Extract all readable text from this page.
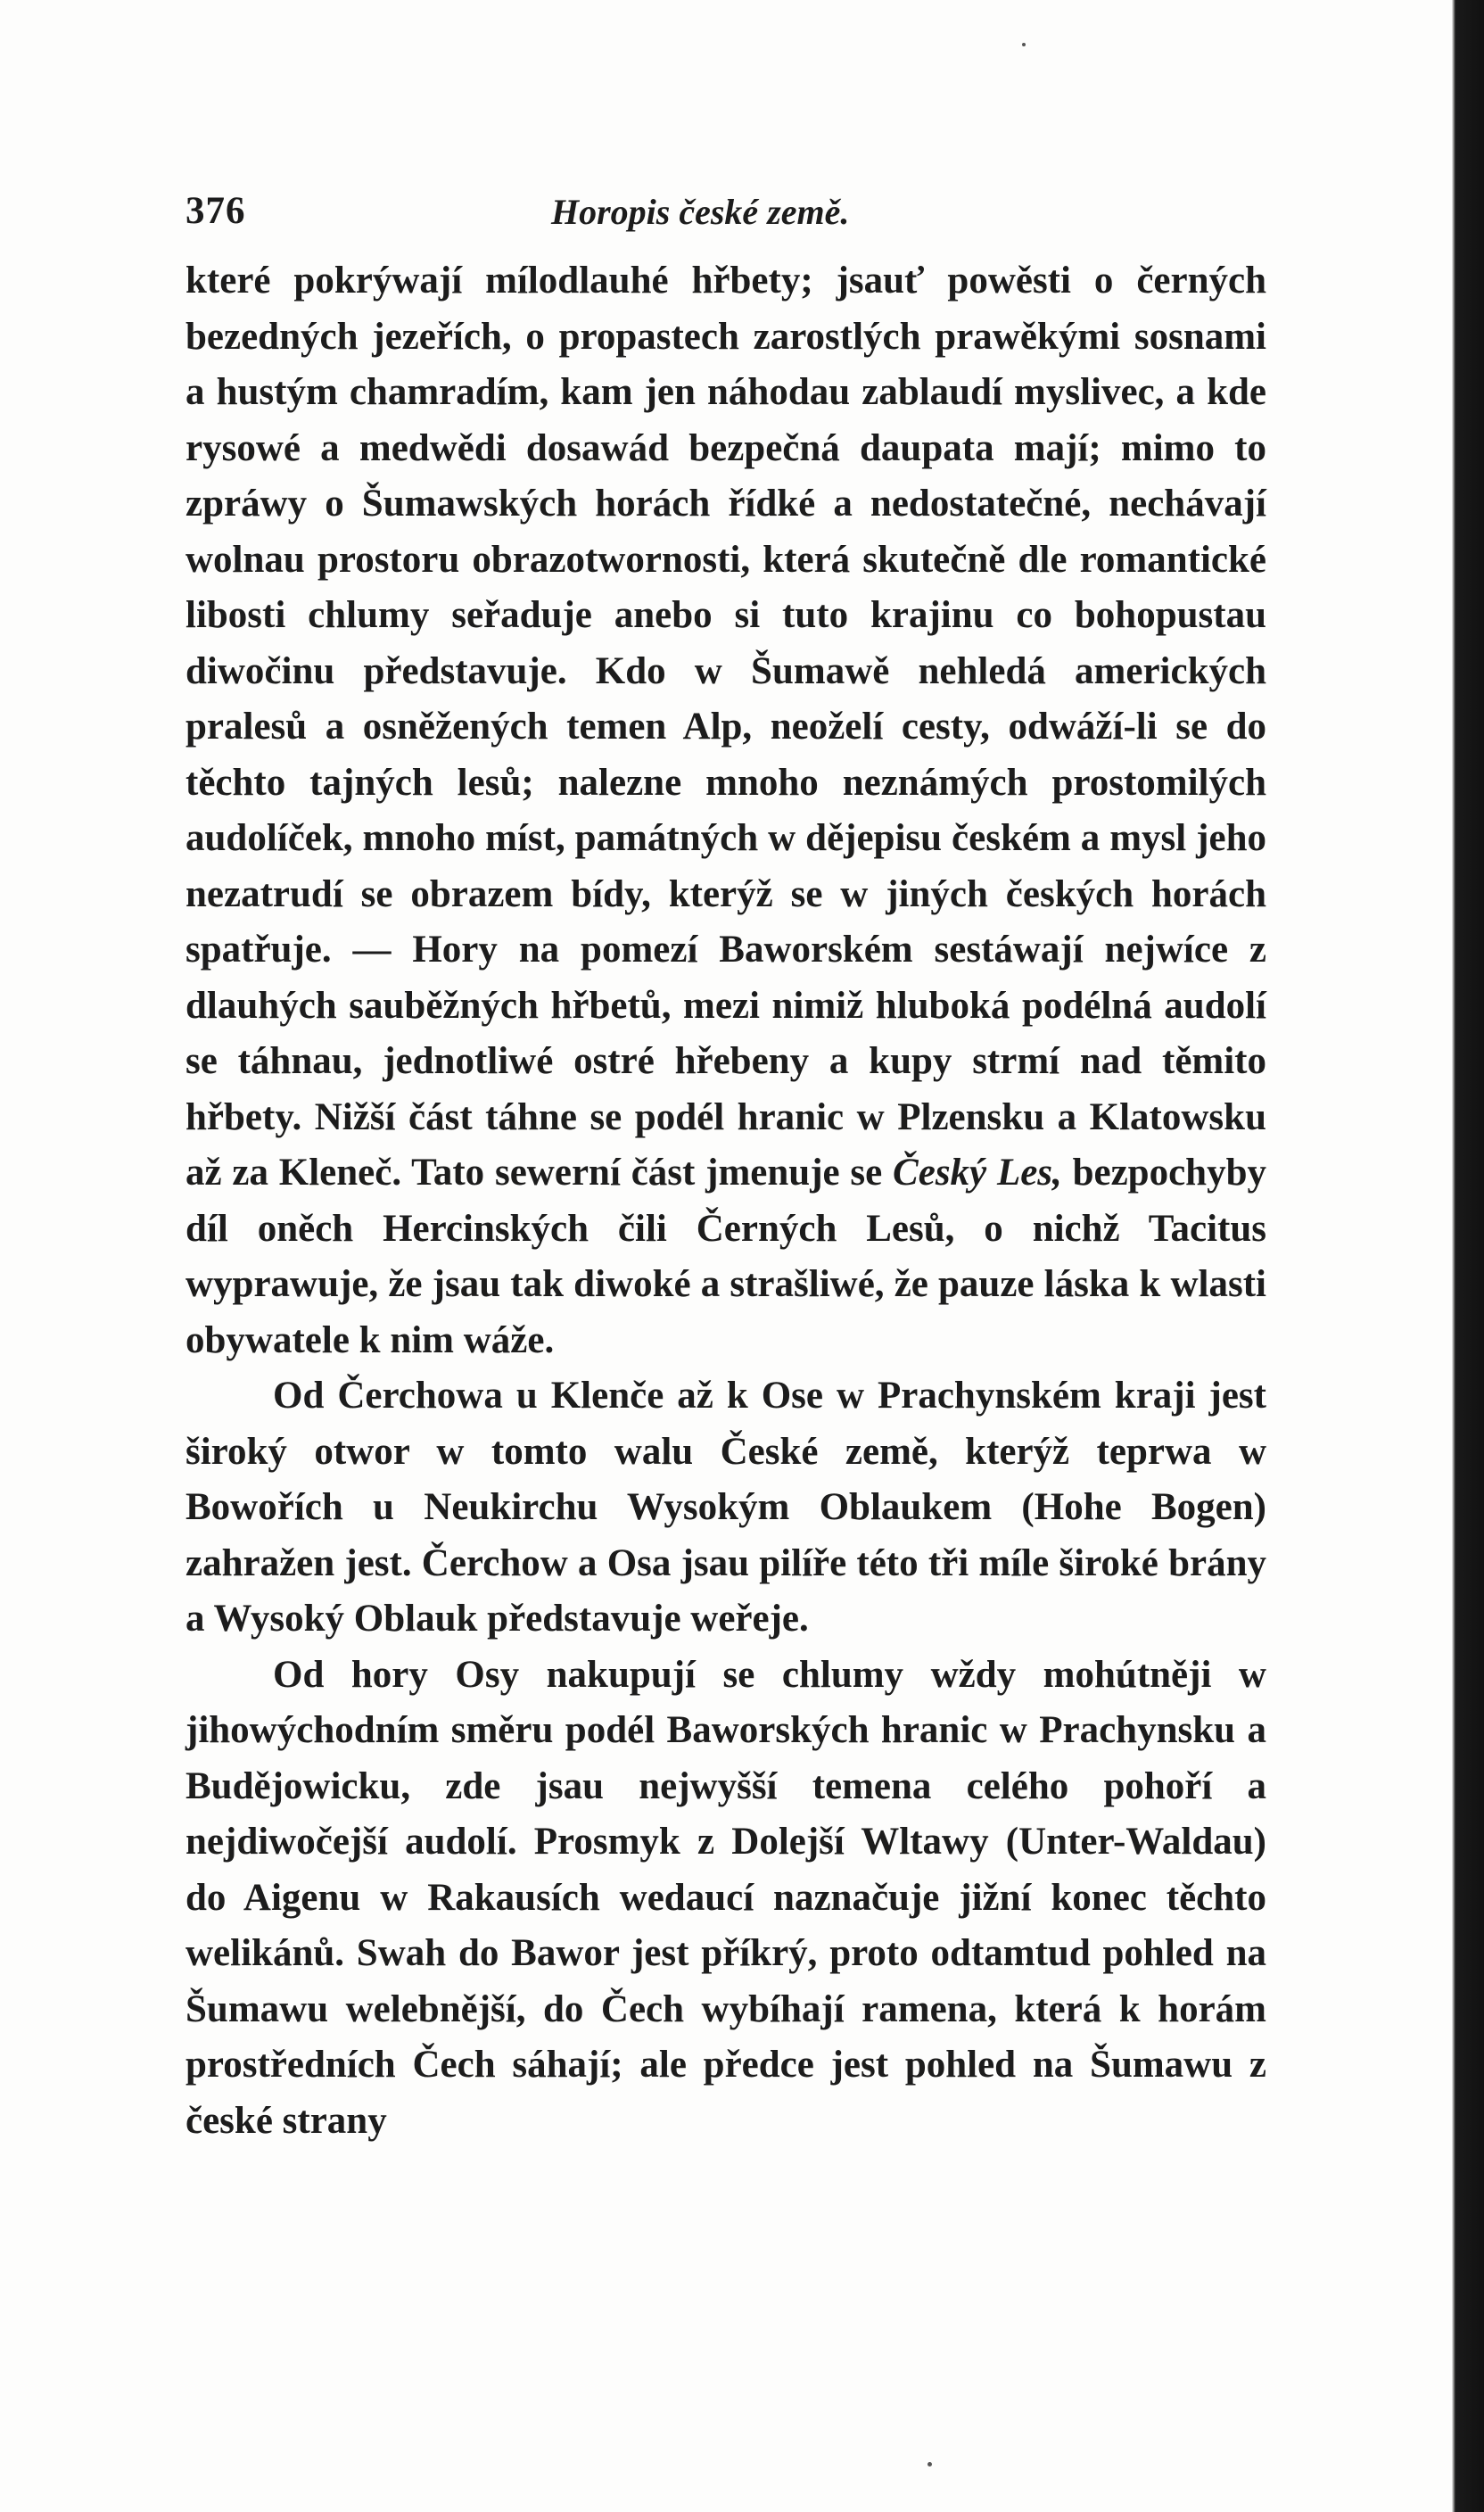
376	Horopis české země.

které pokrýwají mílodlauhé hřbety; jsauť powěsti o černých bezedných jezeřích, o propastech zarostlých prawěkými sosnami a hustým chamradím, kam jen náhodau zablaudí myslivec, a kde rysowé a medwědi dosawád bezpečná daupata mají; mimo to zpráwy o Šumawských horách řídké a nedostatečné, nechávají wolnau prostoru obrazotwornosti, která skutečně dle romantické libosti chlumy seřaduje anebo si tuto krajinu co bohopustau diwočinu představuje. Kdo w Šumawě nehledá amerických pralesů a osněžených temen Alp, neoželí cesty, odwáží-li se do těchto tajných lesů; nalezne mnoho neznámých prostomilých audolíček, mnoho míst, památných w dějepisu českém a mysl jeho nezatrudí se obrazem bídy, kterýž se w jiných českých horách spatřuje. — Hory na pomezí Baworském sestáwají nejwíce z dlauhých sauběžných hřbetů, mezi nimiž hluboká podélná audolí se táhnau, jednotliwé ostré hřebeny a kupy strmí nad těmito hřbety. Nižší část táhne se podél hranic w Plzensku a Klatowsku až za Kleneč. Tato sewerní část jmenuje se Český Les, bezpochyby díl oněch Hercinských čili Černých Lesů, o nichž Tacitus wyprawuje, že jsau tak diwoké a strašliwé, že pauze láska k wlasti obywatele k nim wáže.

Od Čerchowa u Klenče až k Ose w Prachynském kraji jest široký otwor w tomto walu České země, kterýž teprwa w Bowořích u Neukirchu Wysokým Oblaukem (Hohe Bogen) zahražen jest. Čerchow a Osa jsau pilíře této tři míle široké brány a Wysoký Oblauk představuje weřeje.

Od hory Osy nakupují se chlumy wždy mohútněji w jihowýchodním směru podél Baworských hranic w Prachynsku a Budějowicku, zde jsau nejwyšší temena celého pohoří a nejdiwočejší audolí. Prosmyk z Dolejší Wltawy (Unter-Waldau) do Aigenu w Rakausích wedaucí naznačuje jižní konec těchto welikánů. Swah do Bawor jest příkrý, proto odtamtud pohled na Šumawu welebnější, do Čech wybíhají ramena, která k horám prostředních Čech sáhají; ale předce jest pohled na Šumawu z české strany
